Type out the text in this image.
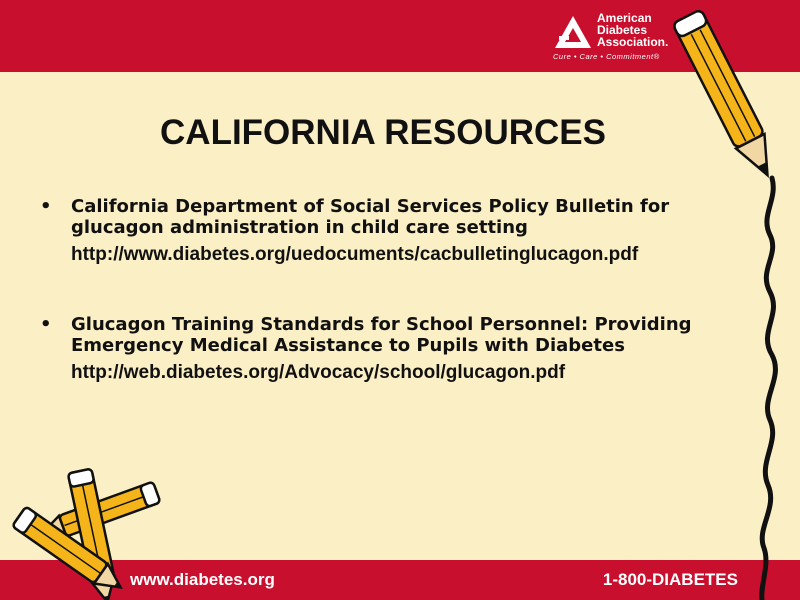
American
Diabetes
Association.
Cure • Care • Commitment®
CALIFORNIA RESOURCES
• California Department of Social Services Policy Bulletin for glucagon administration in child care setting
http://www.diabetes.org/uedocuments/cacbulletinglucagon.pdf
• Glucagon Training Standards for School Personnel: Providing Emergency Medical Assistance to Pupils with Diabetes
http://web.diabetes.org/Advocacy/school/glucagon.pdf
www.diabetes.org	1-800-DIABETES
